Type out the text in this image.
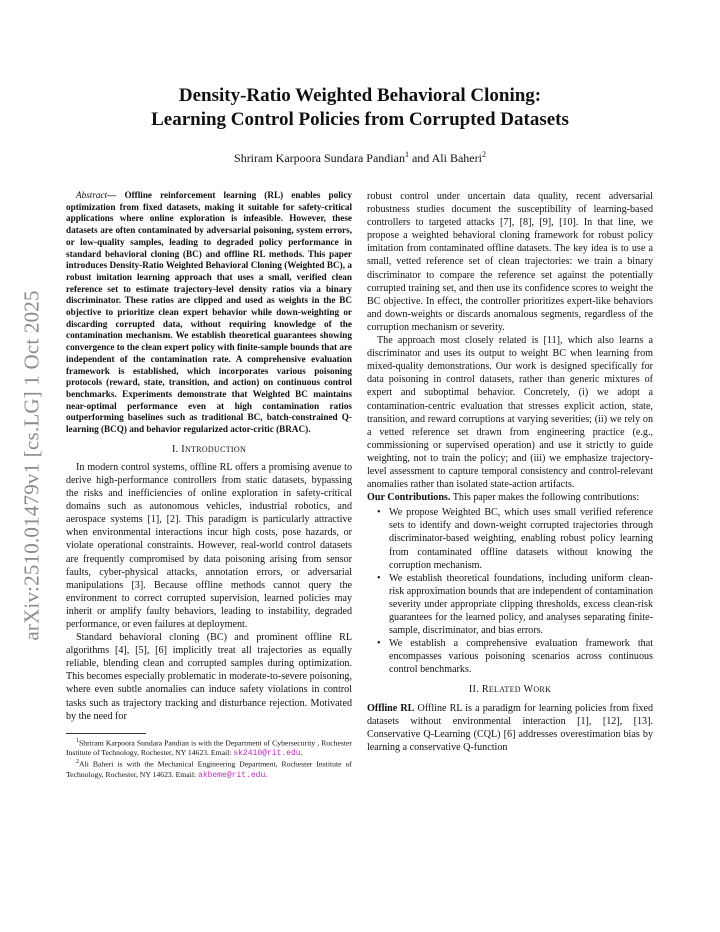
arXiv:2510.01479v1 [cs.LG] 1 Oct 2025
Density-Ratio Weighted Behavioral Cloning:
Learning Control Policies from Corrupted Datasets
Shriram Karpoora Sundara Pandian$^1$ and Ali Baheri$^2$

Abstract— Offline reinforcement learning (RL) enables policy optimization from fixed datasets, making it suitable for safety-critical applications where online exploration is infeasible. However, these datasets are often contaminated by adversarial poisoning, system errors, or low-quality samples, leading to degraded policy performance in standard behavioral cloning (BC) and offline RL methods. This paper introduces Density-Ratio Weighted Behavioral Cloning (Weighted BC), a robust imitation learning approach that uses a small, verified clean reference set to estimate trajectory-level density ratios via a binary discriminator. These ratios are clipped and used as weights in the BC objective to prioritize clean expert behavior while down-weighting or discarding corrupted data, without requiring knowledge of the contamination mechanism. We establish theoretical guarantees showing convergence to the clean expert policy with finite-sample bounds that are independent of the contamination rate. A comprehensive evaluation framework is established, which incorporates various poisoning protocols (reward, state, transition, and action) on continuous control benchmarks. Experiments demonstrate that Weighted BC maintains near-optimal performance even at high contamination ratios outperforming baselines such as traditional BC, batch-constrained Q-learning (BCQ) and behavior regularized actor-critic (BRAC).

I. INTRODUCTION

In modern control systems, offline RL offers a promising avenue to derive high-performance controllers from static datasets, bypassing the risks and inefficiencies of online exploration in safety-critical domains such as autonomous vehicles, industrial robotics, and aerospace systems [1], [2]. This paradigm is particularly attractive when environmental interactions incur high costs, pose hazards, or violate operational constraints. However, real-world control datasets are frequently compromised by data poisoning arising from sensor faults, cyber-physical attacks, annotation errors, or adversarial manipulations [3]. Because offline methods cannot query the environment to correct corrupted supervision, learned policies may inherit or amplify faulty behaviors, leading to instability, degraded performance, or even failures at deployment.

Standard behavioral cloning (BC) and prominent offline RL algorithms [4], [5], [6] implicitly treat all trajectories as equally reliable, blending clean and corrupted samples during optimization. This becomes especially problematic in moderate-to-severe poisoning, where even subtle anomalies can induce safety violations in control tasks such as trajectory tracking and disturbance rejection. Motivated by the need for

$^1$Shriram Karpoora Sundara Pandian is with the Department of Cybersecurity , Rochester Institute of Technology, Rochester, NY 14623. Email: sk2410@rit.edu.

$^2$Ali Baheri is with the Mechanical Engineering Department, Rochester Institute of Technology, Rochester, NY 14623. Email: akbeme@rit.edu.

robust control under uncertain data quality, recent adversarial robustness studies document the susceptibility of learning-based controllers to targeted attacks [7], [8], [9], [10]. In that line, we propose a weighted behavioral cloning framework for robust policy imitation from contaminated offline datasets. The key idea is to use a small, vetted reference set of clean trajectories: we train a binary discriminator to compare the reference set against the potentially corrupted training set, and then use its confidence scores to weight the BC objective. In effect, the controller prioritizes expert-like behaviors and down-weights or discards anomalous segments, regardless of the corruption mechanism or severity.

The approach most closely related is [11], which also learns a discriminator and uses its output to weight BC when learning from mixed-quality demonstrations. Our work is designed specifically for data poisoning in control datasets, rather than generic mixtures of expert and suboptimal behavior. Concretely, (i) we adopt a contamination-centric evaluation that stresses explicit action, state, transition, and reward corruptions at varying severities; (ii) we rely on a vetted reference set drawn from engineering practice (e.g., commissioning or supervised operation) and use it strictly to guide weighting, not to train the policy; and (iii) we emphasize trajectory-level assessment to capture temporal consistency and control-relevant anomalies rather than isolated state-action artifacts.

Our Contributions. This paper makes the following contributions:

• We propose Weighted BC, which uses small verified reference sets to identify and down-weight corrupted trajectories through discriminator-based weighting, enabling robust policy learning from contaminated offline datasets without knowing the corruption mechanism.
• We establish theoretical foundations, including uniform clean-risk approximation bounds that are independent of contamination severity under appropriate clipping thresholds, excess clean-risk guarantees for the learned policy, and analyses separating finite-sample, discriminator, and bias errors.
• We establish a comprehensive evaluation framework that encompasses various poisoning scenarios across continuous control benchmarks.
II. RELATED WORK

Offline RL Offline RL is a paradigm for learning policies from fixed datasets without environmental interaction [1], [12], [13]. Conservative Q-Learning (CQL) [6] addresses overestimation bias by learning a conservative Q-function
